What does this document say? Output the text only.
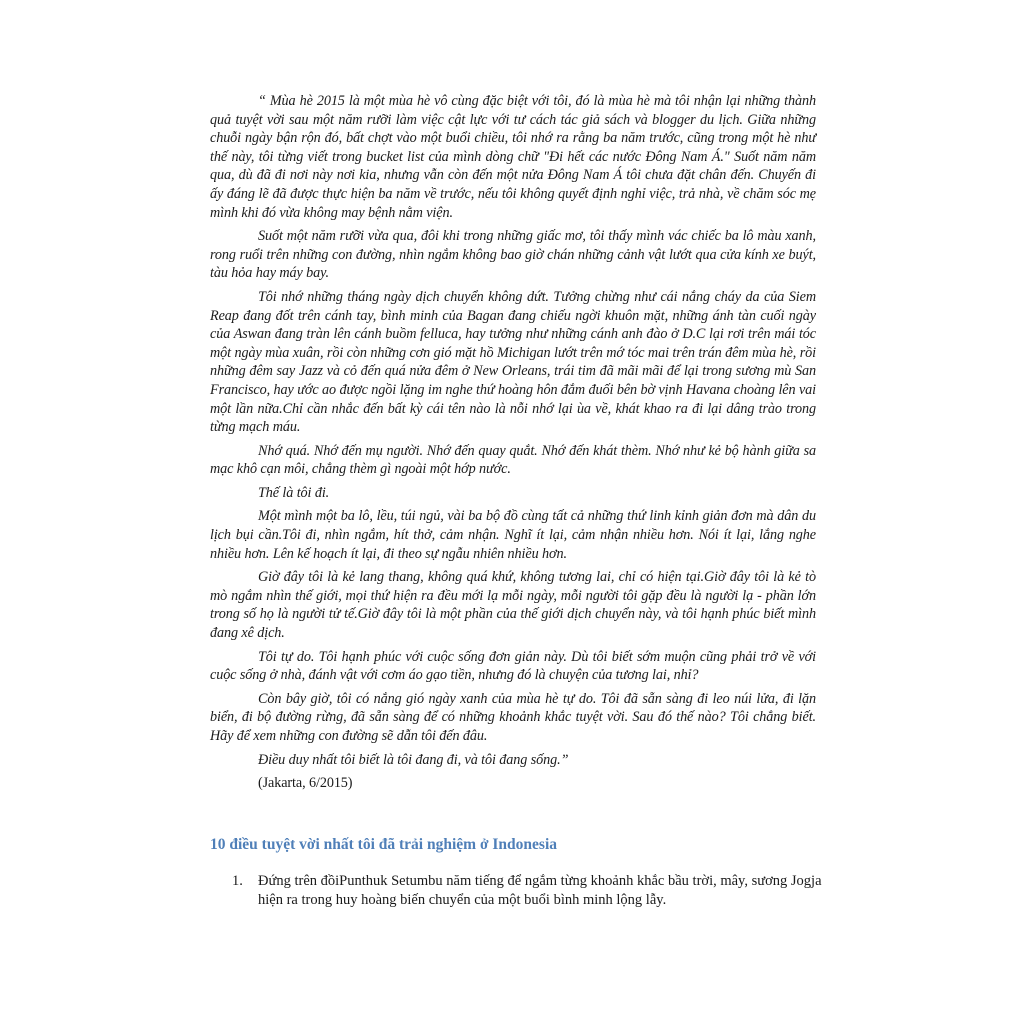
“ Mùa hè 2015 là một mùa hè vô cùng đặc biệt với tôi, đó là mùa hè mà tôi nhận lại những thành quả tuyệt vời sau một năm rưỡi làm việc cật lực với tư cách tác giả sách và blogger du lịch. Giữa những chuỗi ngày bận rộn đó, bất chợt vào một buổi chiều, tôi nhớ ra rằng ba năm trước, cũng trong một hè như thế này, tôi từng viết trong bucket list của mình dòng chữ "Đi hết các nước Đông Nam Á." Suốt năm năm qua, dù đã đi nơi này nơi kia, nhưng vẫn còn đến một nửa Đông Nam Á tôi chưa đặt chân đến. Chuyến đi ấy đáng lẽ đã được thực hiện ba năm về trước, nếu tôi không quyết định nghỉ việc, trả nhà, về chăm sóc mẹ mình khi đó vừa không may bệnh nằm viện.

Suốt một năm rưỡi vừa qua, đôi khi trong những giấc mơ, tôi thấy mình vác chiếc ba lô màu xanh, rong ruổi trên những con đường, nhìn ngắm không bao giờ chán những cảnh vật lướt qua cửa kính xe buýt, tàu hỏa hay máy bay.

Tôi nhớ những tháng ngày dịch chuyển không dứt. Tưởng chừng như cái nắng cháy da của Siem Reap đang đốt trên cánh tay, bình minh của Bagan đang chiếu ngời khuôn mặt, những ánh tàn cuối ngày của Aswan đang tràn lên cánh buồm felluca, hay tưởng như những cánh anh đào ở D.C lại rơi trên mái tóc một ngày mùa xuân, rồi còn những cơn gió mặt hồ Michigan lướt trên mớ tóc mai trên trán đêm mùa hè, rồi những đêm say Jazz và cỏ đến quá nửa đêm ở New Orleans, trái tim đã mãi mãi để lại trong sương mù San Francisco, hay ước ao được ngồi lặng im nghe thứ hoàng hôn đắm đuối bên bờ vịnh Havana choàng lên vai một lần nữa.Chỉ cần nhắc đến bất kỳ cái tên nào là nỗi nhớ lại ùa về, khát khao ra đi lại dâng trào trong từng mạch máu.

Nhớ quá. Nhớ đến mụ người. Nhớ đến quay quắt. Nhớ đến khát thèm. Nhớ như kẻ bộ hành giữa sa mạc khô cạn môi, chẳng thèm gì ngoài một hớp nước.

Thế là tôi đi.

Một mình một ba lô, lều, túi ngủ, vài ba bộ đồ cùng tất cả những thứ linh kỉnh giản đơn mà dân du lịch bụi cần.Tôi đi, nhìn ngắm, hít thở, cảm nhận. Nghĩ ít lại, cảm nhận nhiều hơn. Nói ít lại, lắng nghe nhiều hơn. Lên kế hoạch ít lại, đi theo sự ngẫu nhiên nhiều hơn.

Giờ đây tôi là kẻ lang thang, không quá khứ, không tương lai, chỉ có hiện tại.Giờ đây tôi là kẻ tò mò ngắm nhìn thế giới, mọi thứ hiện ra đều mới lạ mỗi ngày, mỗi người tôi gặp đều là người lạ - phần lớn trong số họ là người tử tế.Giờ đây tôi là một phần của thế giới dịch chuyển này, và tôi hạnh phúc biết mình đang xê dịch.

Tôi tự do. Tôi hạnh phúc với cuộc sống đơn giản này. Dù tôi biết sớm muộn cũng phải trở về với cuộc sống ở nhà, đánh vật với cơm áo gạo tiền, nhưng đó là chuyện của tương lai, nhỉ?

Còn bây giờ, tôi có nắng gió ngày xanh của mùa hè tự do. Tôi đã sẵn sàng đi leo núi lửa, đi lặn biển, đi bộ đường rừng, đã sẵn sàng để có những khoảnh khắc tuyệt vời. Sau đó thế nào? Tôi chẳng biết. Hãy để xem những con đường sẽ dẫn tôi đến đâu.

Điều duy nhất tôi biết là tôi đang đi, và tôi đang sống.”

(Jakarta, 6/2015)

10 điều tuyệt vời nhất tôi đã trải nghiệm ở Indonesia
1.	Đứng trên đồiPunthuk Setumbu năm tiếng để ngắm từng khoảnh khắc bầu trời, mây, sương Jogja hiện ra trong huy hoàng biến chuyển của một buổi bình minh lộng lẫy.
